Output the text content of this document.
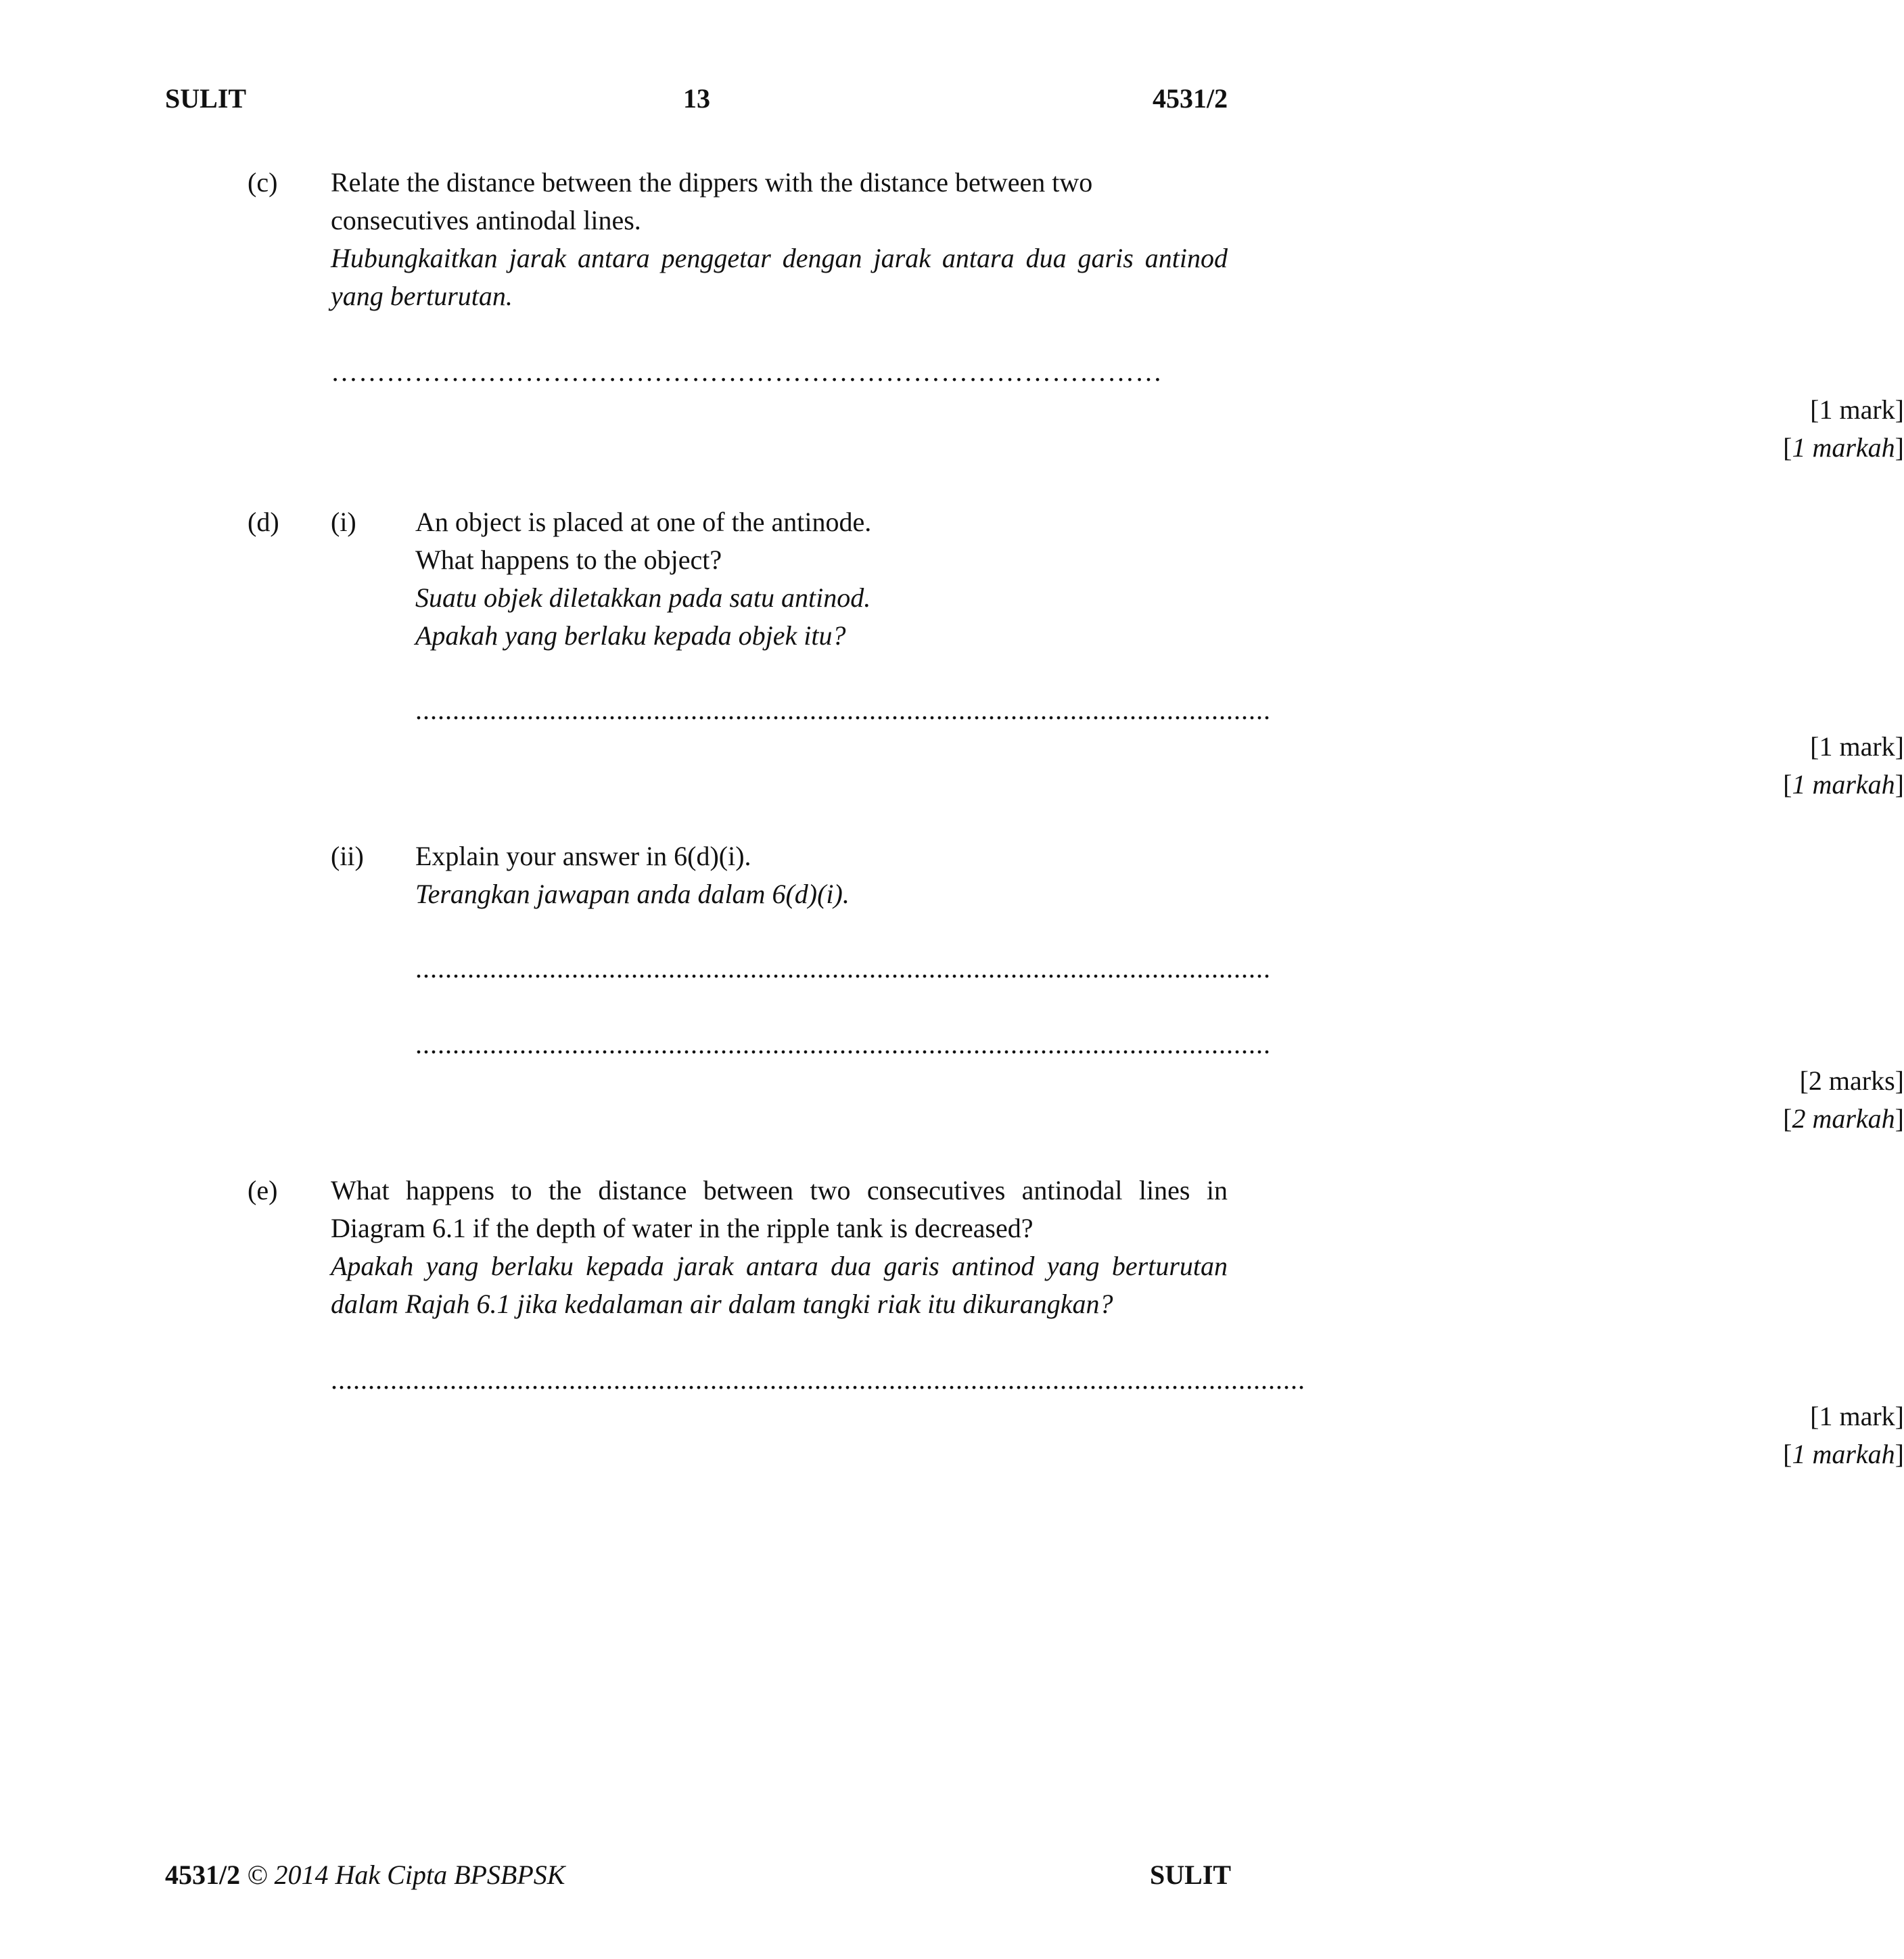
SULIT	13	4531/2
(c) Relate the distance between the dippers with the distance between two
consecutives antinodal lines.
Hubungkaitkan jarak antara penggetar dengan jarak antara dua garis antinod
yang berturutan.
………………………………………………………………………………
[1 mark]
[1 markah]
(d) (i) An object is placed at one of the antinode.
What happens to the object?
Suatu objek diletakkan pada satu antinod.
Apakah yang berlaku kepada objek itu?
...................................................................................................................
[1 mark]
[1 markah]
(ii) Explain your answer in 6(d)(i).
Terangkan jawapan anda dalam 6(d)(i).
...................................................................................................................
...................................................................................................................
[2 marks]
[2 markah]
(e) What happens to the distance between two consecutives antinodal lines in
Diagram 6.1 if the depth of water in the ripple tank is decreased?
Apakah yang berlaku kepada jarak antara dua garis antinod yang berturutan
dalam Rajah 6.1 jika kedalaman air dalam tangki riak itu dikurangkan?
...................................................................................................................................
[1 mark]
[1 markah]
4531/2 © 2014 Hak Cipta BPSBPSK	SULIT
